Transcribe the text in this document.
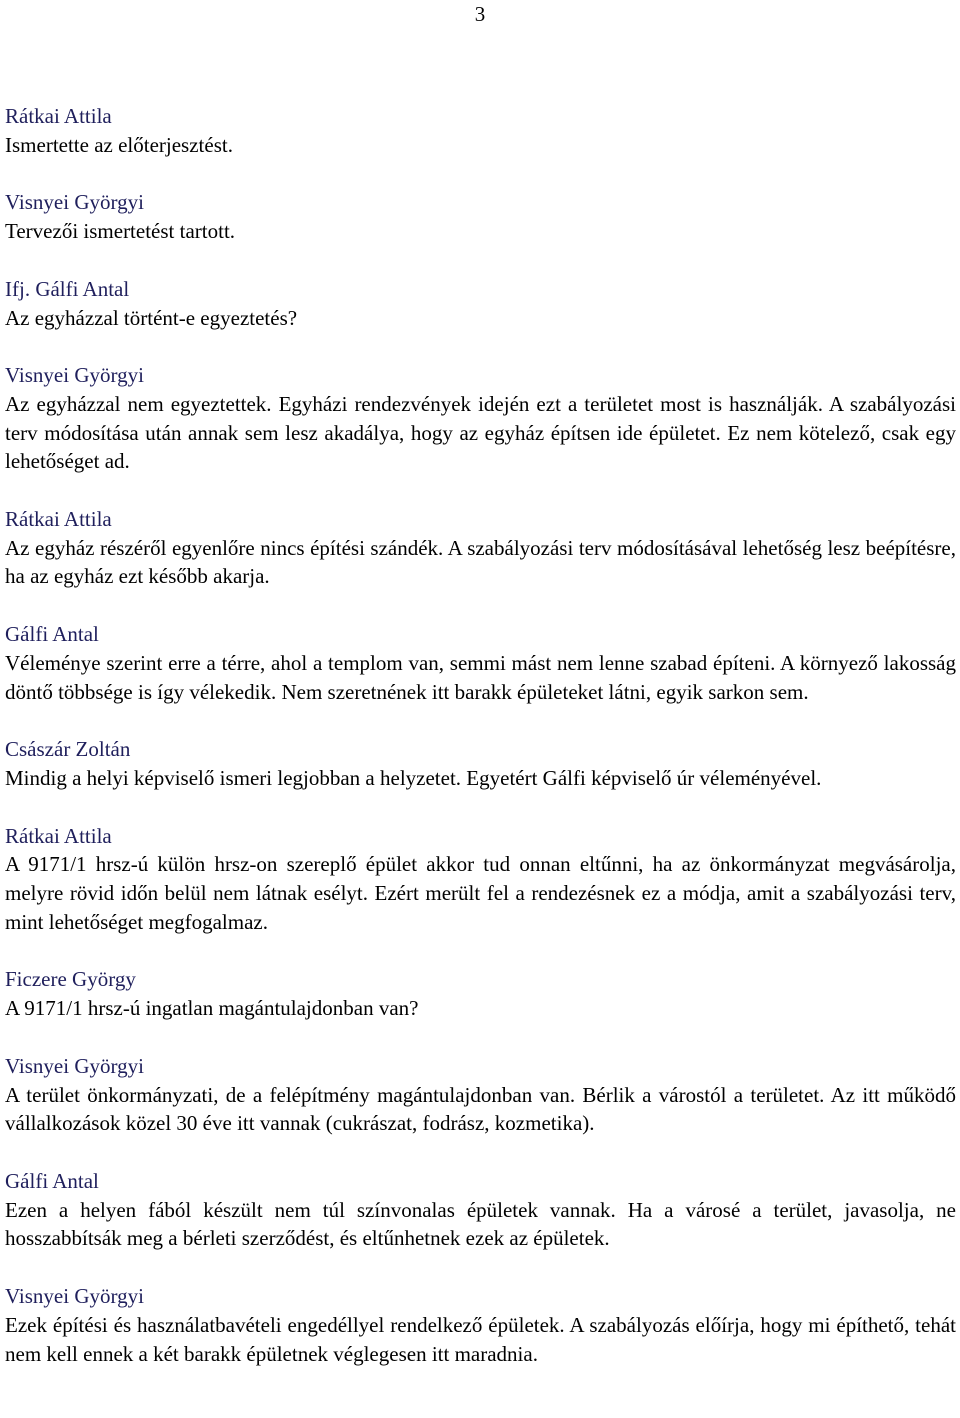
3
Rátkai Attila

Ismertette az előterjesztést.

Visnyei Györgyi

Tervezői ismertetést tartott.

Ifj. Gálfi Antal

Az egyházzal történt-e egyeztetés?

Visnyei Györgyi

Az egyházzal nem egyeztettek. Egyházi rendezvények idején ezt a területet most is használják. A szabályozási terv módosítása után annak sem lesz akadálya, hogy az egyház építsen ide épületet. Ez nem kötelező, csak egy lehetőséget ad.

Rátkai Attila

Az egyház részéről egyenlőre nincs építési szándék. A szabályozási terv módosításával lehetőség lesz beépítésre, ha az egyház ezt később akarja.

Gálfi Antal

Véleménye szerint erre a térre, ahol a templom van, semmi mást nem lenne szabad építeni. A környező lakosság döntő többsége is így vélekedik. Nem szeretnének itt barakk épületeket látni, egyik sarkon sem.

Császár Zoltán

Mindig a helyi képviselő ismeri legjobban a helyzetet. Egyetért Gálfi képviselő úr véleményével.

Rátkai Attila

A 9171/1 hrsz-ú külön hrsz-on szereplő épület akkor tud onnan eltűnni, ha az önkormányzat megvásárolja, melyre rövid időn belül nem látnak esélyt. Ezért merült fel a rendezésnek ez a módja, amit a szabályozási terv, mint lehetőséget megfogalmaz.

Ficzere György

A 9171/1 hrsz-ú ingatlan magántulajdonban van?

Visnyei Györgyi

A terület önkormányzati, de a felépítmény magántulajdonban van. Bérlik a várostól a területet. Az itt működő vállalkozások közel 30 éve itt vannak (cukrászat, fodrász, kozmetika).

Gálfi Antal

Ezen a helyen fából készült nem túl színvonalas épületek vannak. Ha a városé a terület, javasolja, ne hosszabbítsák meg a bérleti szerződést, és eltűnhetnek ezek az épületek.

Visnyei Györgyi

Ezek építési és használatbavételi engedéllyel rendelkező épületek. A szabályozás előírja, hogy mi építhető, tehát nem kell ennek a két barakk épületnek véglegesen itt maradnia.
